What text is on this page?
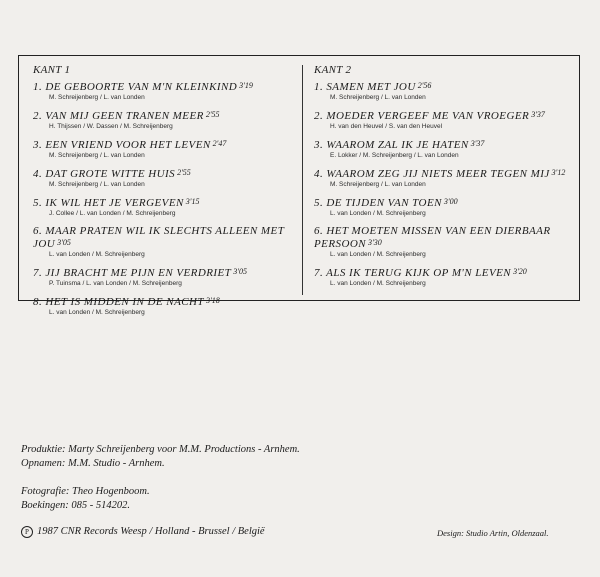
KANT 1
1. DE GEBOORTE VAN M'N KLEINKIND 3'19
M. Schreijenberg / L. van Londen
2. VAN MIJ GEEN TRANEN MEER 2'55
H. Thijssen / W. Dassen / M. Schreijenberg
3. EEN VRIEND VOOR HET LEVEN 2'47
M. Schreijenberg / L. van Londen
4. DAT GROTE WITTE HUIS 2'55
M. Schreijenberg / L. van Londen
5. IK WIL HET JE VERGEVEN 3'15
J. Collee / L. van Londen / M. Schreijenberg
6. MAAR PRATEN WIL IK SLECHTS ALLEEN MET JOU 3'05
L. van Londen / M. Schreijenberg
7. JIJ BRACHT ME PIJN EN VERDRIET 3'05
P. Tuinsma / L. van Londen / M. Schreijenberg
8. HET IS MIDDEN IN DE NACHT 3'18
L. van Londen / M. Schreijenberg
KANT 2
1. SAMEN MET JOU 2'56
M. Schreijenberg / L. van Londen
2. MOEDER VERGEEF ME VAN VROEGER 3'37
H. van den Heuvel / S. van den Heuvel
3. WAAROM ZAL IK JE HATEN 3'37
E. Lokker / M. Schreijenberg / L. van Londen
4. WAAROM ZEG JIJ NIETS MEER TEGEN MIJ 3'12
M. Schreijenberg / L. van Londen
5. DE TIJDEN VAN TOEN 3'00
L. van Londen / M. Schreijenberg
6. HET MOETEN MISSEN VAN EEN DIERBAAR PERSOON 3'30
L. van Londen / M. Schreijenberg
7. ALS IK TERUG KIJK OP M'N LEVEN 3'20
L. van Londen / M. Schreijenberg
Produktie: Marty Schreijenberg voor M.M. Productions - Arnhem.
Opnamen: M.M. Studio - Arnhem.
Fotografie: Theo Hogenboom.
Boekingen: 085 - 514202.
P 1987 CNR Records Weesp / Holland - Brussel / België	Design: Studio Artin, Oldenzaal.
